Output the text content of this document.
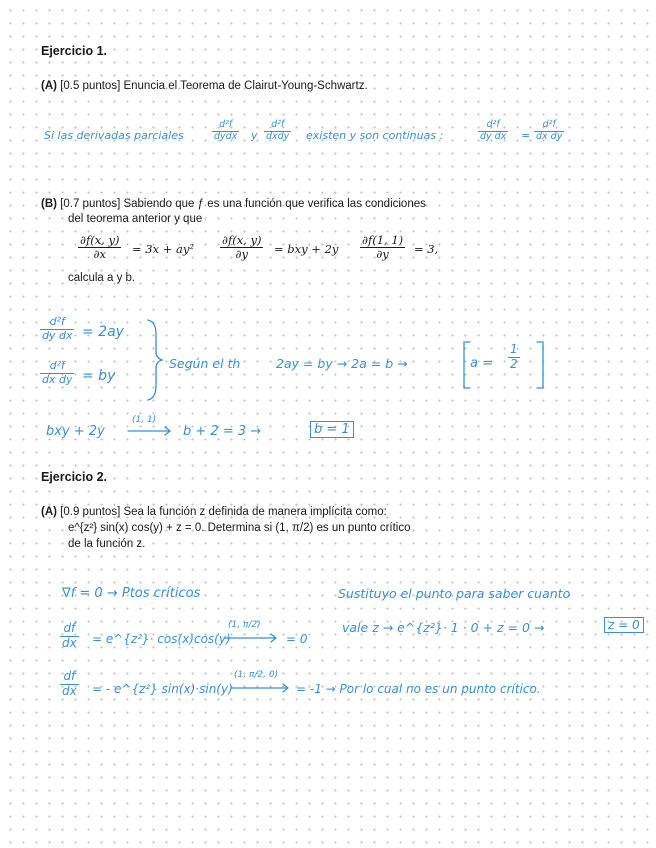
Ejercicio 1.
(A) [0.5 puntos] Enuncia el Teorema de Clairut-Young-Schwartz.
Si las derivadas parciales
d²f
dydx y
d²f
dxdy existen y son continuas :
d²f
dy dx =
d²f
dx dy
(B) [0.7 puntos] Sabiendo que ƒ es una función que verifica las condiciones
del teorema anterior y que
∂f(x, y)
∂x = 3x + ay²
∂f(x, y)
∂y = bxy + 2y
∂f(1, 1)
∂y = 3,
calcula a y b.
d²f
dy dx = 2ay
d²f
dx dy = by
Según el th	2ay = by → 2a = b →	a =
1
2
bxy + 2y
(1, 1)
b + 2 = 3 →	b = 1
Ejercicio 2.
(A) [0.9 puntos] Sea la función z definida de manera implícita como:
e^{z²} sin(x) cos(y) + z = 0. Determina si (1, π/2) es un punto crítico
de la función z.
∇f = 0 → Ptos críticos	Sustituyo el punto para saber cuanto
df
dx = e^{z²}· cos(x)cos(y)
(1, π/2)
= 0
vale z → e^{z²}· 1 · 0 + z = 0 →	z = 0
df
dx = - e^{z²} sin(x)·sin(y)
(1, π/2, 0)
= -1 → Por lo cual no es un punto crítico.
